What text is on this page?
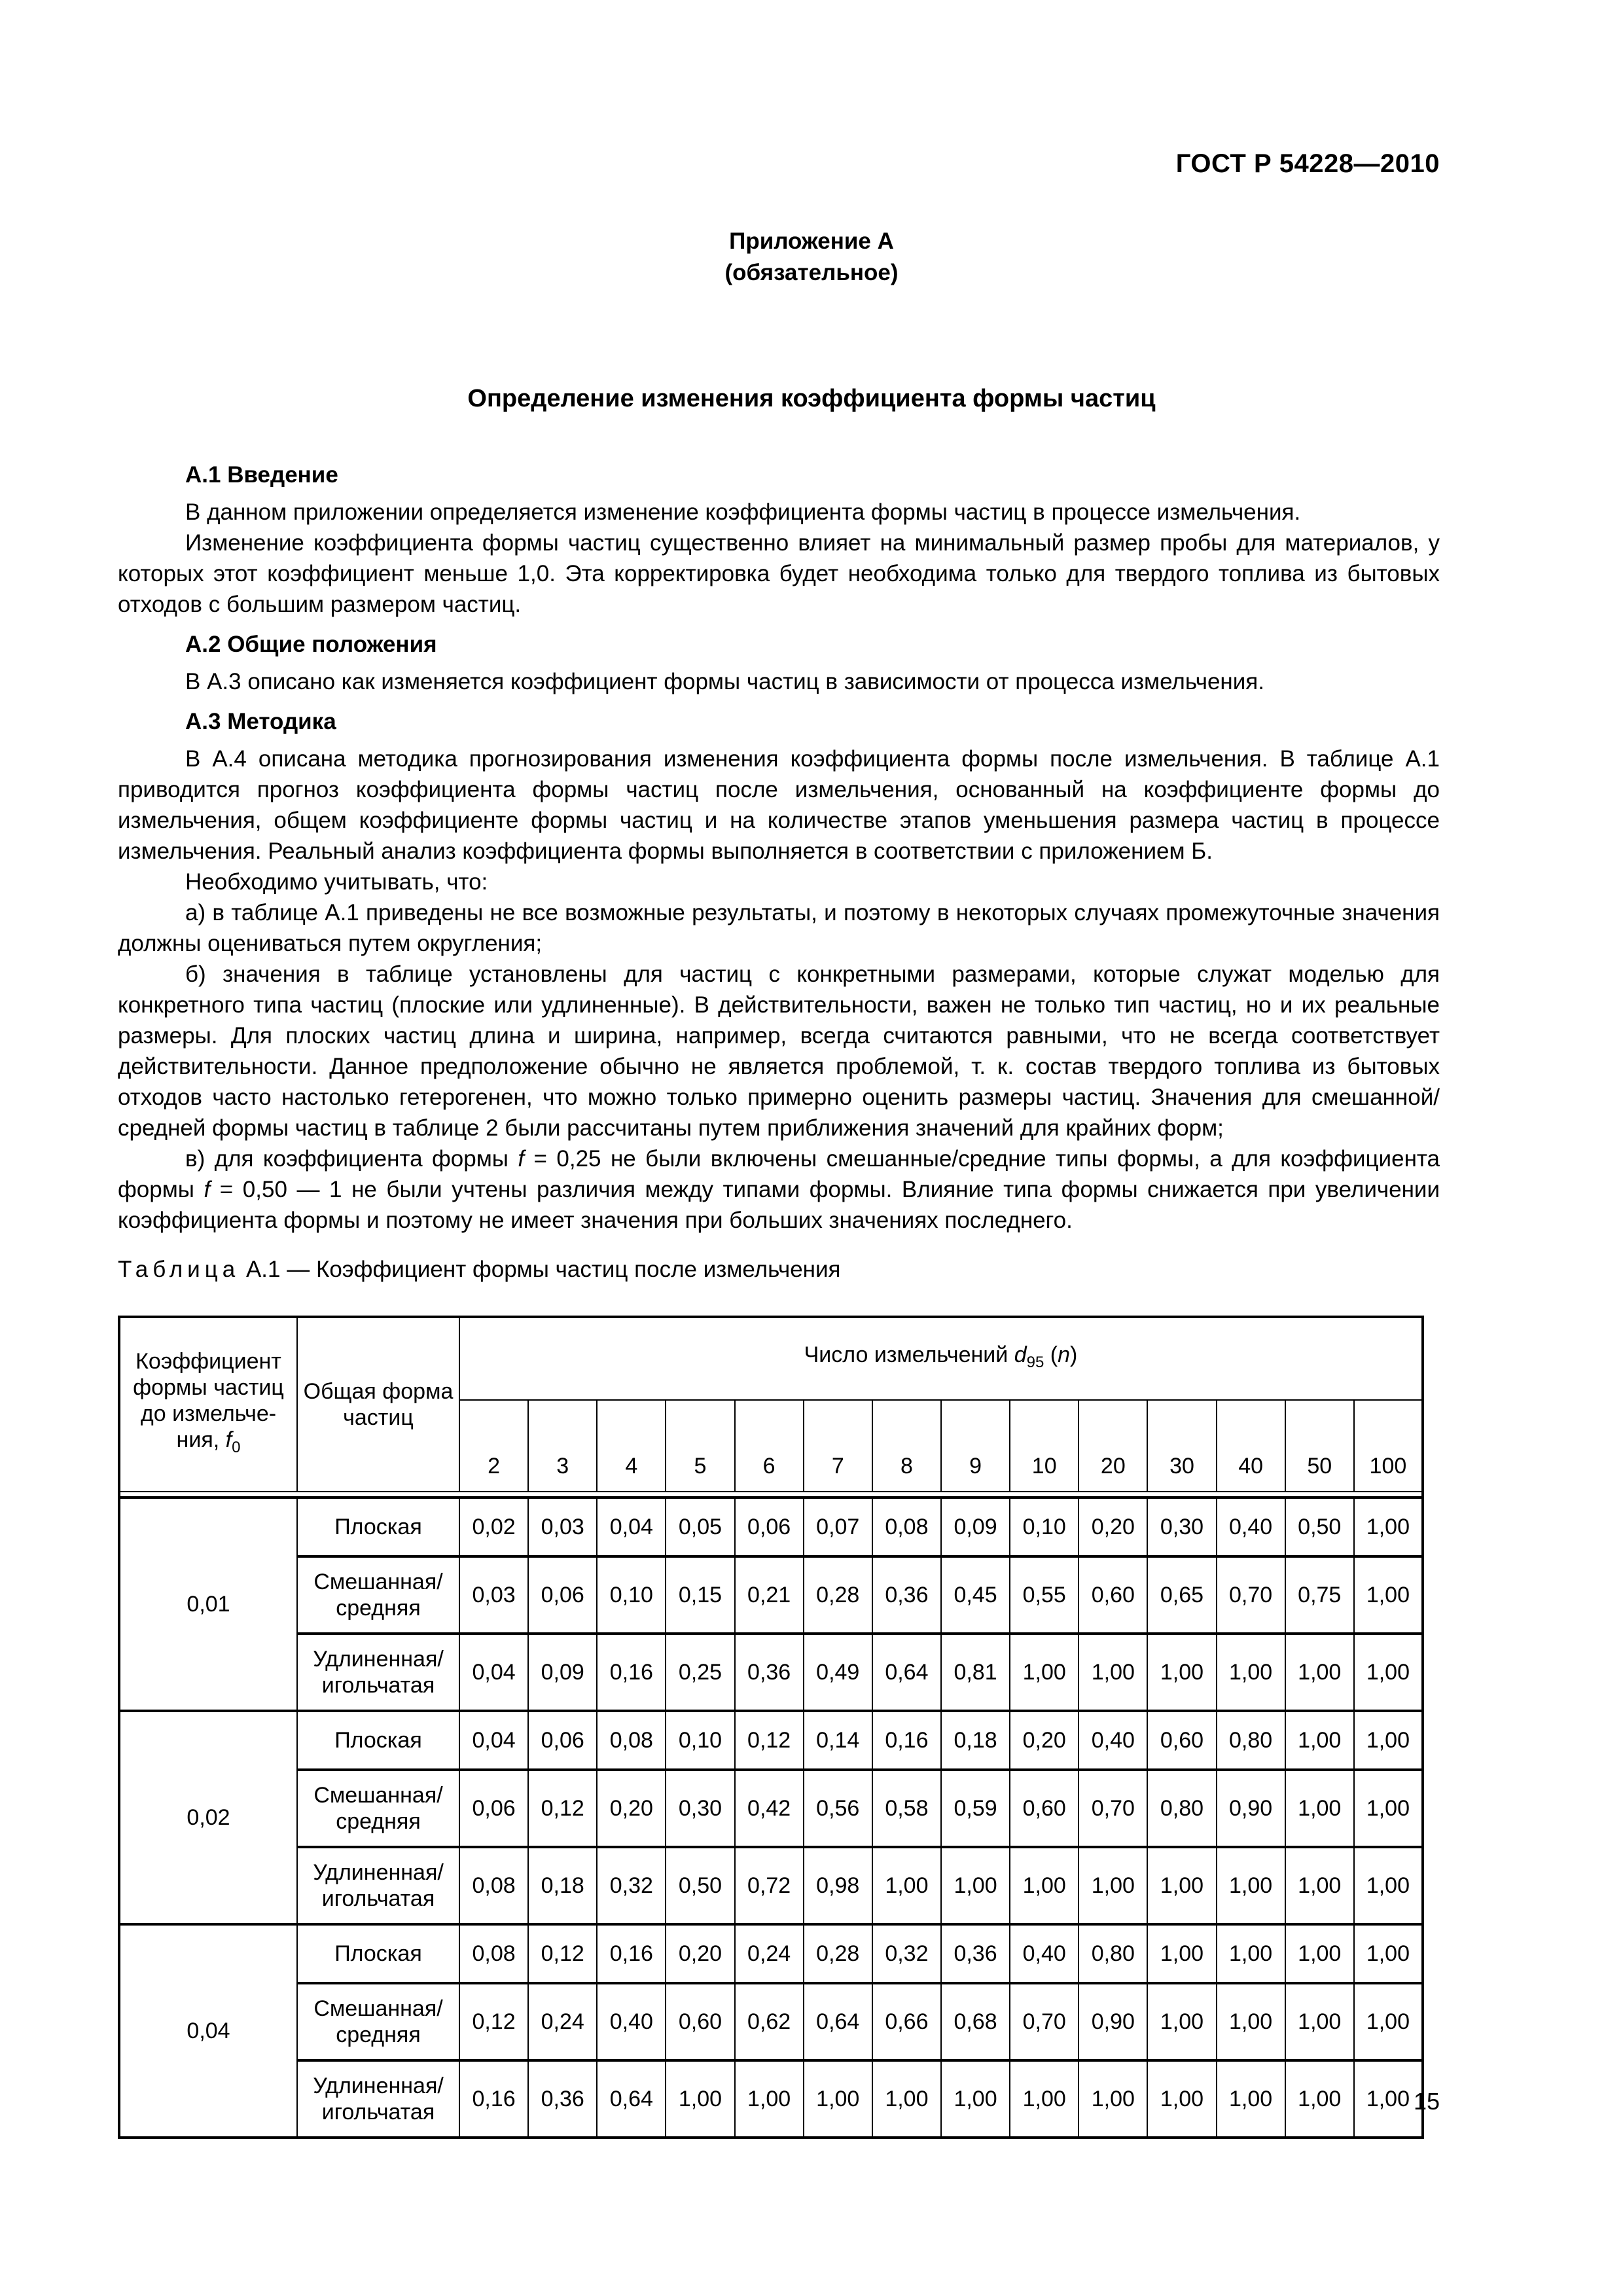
ГОСТ Р 54228—2010
Приложение А
(обязательное)
Определение изменения коэффициента формы частиц

А.1 Введение

В данном приложении определяется изменение коэффициента формы частиц в процессе измельчения.

Изменение коэффициента формы частиц существенно влияет на минимальный размер пробы для материалов, у которых этот коэффициент меньше 1,0. Эта корректировка будет необходима только для твердого топлива из бытовых отходов с большим размером частиц.

А.2 Общие положения

В А.3 описано как изменяется коэффициент формы частиц в зависимости от процесса измельчения.

А.3 Методика

В А.4 описана методика прогнозирования изменения коэффициента формы после измельчения. В таблице А.1 приводится прогноз коэффициента формы частиц после измельчения, основанный на коэффициенте формы до измельчения, общем коэффициенте формы частиц и на количестве этапов уменьшения размера частиц в процессе измельчения. Реальный анализ коэффициента формы выполняется в соответствии с приложением Б.

Необходимо учитывать, что:

а) в таблице А.1 приведены не все возможные результаты, и поэтому в некоторых случаях промежуточные значения должны оцениваться путем округления;

б) значения в таблице установлены для частиц с конкретными размерами, которые служат моделью для конкретного типа частиц (плоские или удлиненные). В действительности, важен не только тип частиц, но и их реальные размеры. Для плоских частиц длина и ширина, например, всегда считаются равными, что не всегда соответствует действительности. Данное предположение обычно не является проблемой, т. к. состав твердого топлива из бытовых отходов часто настолько гетерогенен, что можно только примерно оценить размеры частиц. Значения для смешанной/средней формы частиц в таблице 2 были рассчитаны путем приближения значений для крайних форм;

в) для коэффициента формы f = 0,25 не были включены смешанные/средние типы формы, а для коэффициента формы f = 0,50 — 1 не были учтены различия между типами формы. Влияние типа формы снижается при увеличении коэффициента формы и поэтому не имеет значения при больших значениях последнего.

Таблица А.1 — Коэффициент формы частиц после измельчения
Коэффициент формы частиц до измельче-ния, $f_0$	Общая форма частиц	Число измельчений $d_{95}$ (n)													
		2	3	4	5	6	7	8	9	10	20	30	40	50	100

0,01	Плоская	0,02	0,03	0,04	0,05	0,06	0,07	0,08	0,09	0,10	0,20	0,30	0,40	0,50	1,00
	Смешанная/
средняя	0,03	0,06	0,10	0,15	0,21	0,28	0,36	0,45	0,55	0,60	0,65	0,70	0,75	1,00
	Удлиненная/
игольчатая	0,04	0,09	0,16	0,25	0,36	0,49	0,64	0,81	1,00	1,00	1,00	1,00	1,00	1,00
0,02	Плоская	0,04	0,06	0,08	0,10	0,12	0,14	0,16	0,18	0,20	0,40	0,60	0,80	1,00	1,00
	Смешанная/
средняя	0,06	0,12	0,20	0,30	0,42	0,56	0,58	0,59	0,60	0,70	0,80	0,90	1,00	1,00
	Удлиненная/
игольчатая	0,08	0,18	0,32	0,50	0,72	0,98	1,00	1,00	1,00	1,00	1,00	1,00	1,00	1,00
0,04	Плоская	0,08	0,12	0,16	0,20	0,24	0,28	0,32	0,36	0,40	0,80	1,00	1,00	1,00	1,00
	Смешанная/
средняя	0,12	0,24	0,40	0,60	0,62	0,64	0,66	0,68	0,70	0,90	1,00	1,00	1,00	1,00
	Удлиненная/
игольчатая	0,16	0,36	0,64	1,00	1,00	1,00	1,00	1,00	1,00	1,00	1,00	1,00	1,00	1,00 15
